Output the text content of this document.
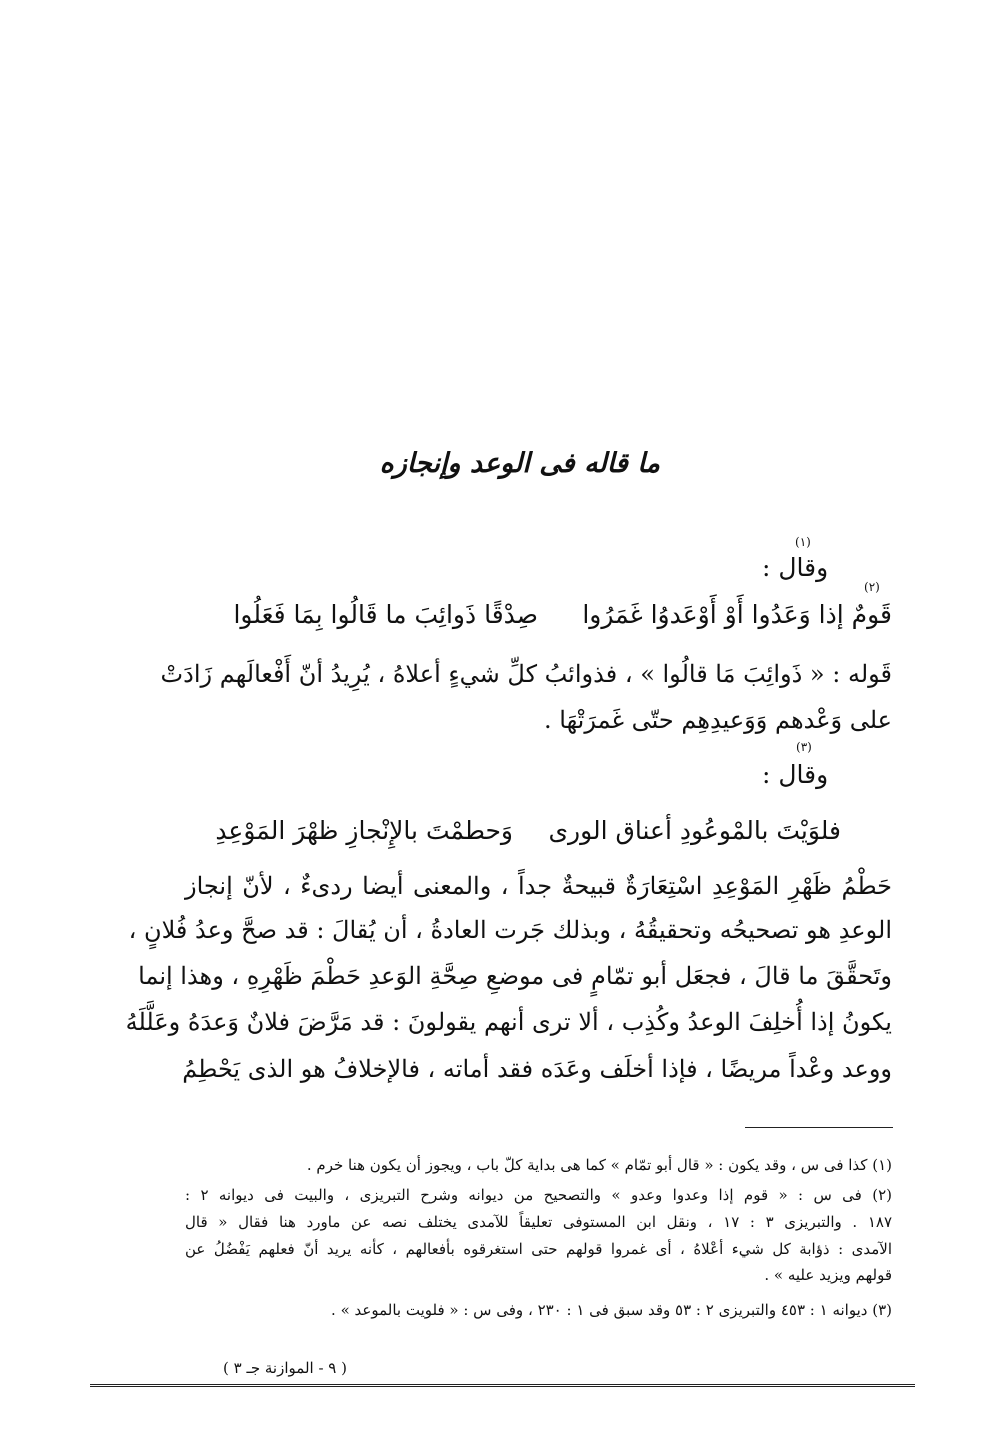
ما قاله فى الوعد وإنجازه
(١)
وقال :
(٢)
قَومٌ إذا وَعَدُوا أَوْ أَوْعَدوُا غَمَرُوا
صِدْقًا ذَوائِبَ ما قَالُوا بِمَا فَعَلُوا
قَوله : « ذَوائِبَ مَا قالُوا » ، فذوائبُ كلِّ شيءٍ أعلاهُ ، يُرِيدُ أنّ أَفْعالَهم زَادَتْ
على وَعْدهم وَوَعيدِهِم حتّى غَمرَتْهَا .
(٣)
وقال :
فلوَيْتَ بالمْوعُودِ أعناق الورى
وَحطمْتَ بالإِنْجازِ ظهْرَ المَوْعِدِ
حَطْمُ ظَهْرِ المَوْعِدِ اسْتِعَارَةٌ قبيحةٌ جداً ، والمعنى أيضا ردىءٌ ، لأنّ إنجاز
الوعدِ هو تصحيحُه وتحقيقُهُ ، وبذلك جَرت العادةُ ، أن يُقالَ : قد صحَّ وعدُ فُلانٍ ،
وتَحقَّقَ ما قالَ ، فجعَل أبو تمّامٍ فى موضعِ صِحَّةِ الوَعدِ حَطْمَ ظَهْرِهِ ، وهذا إنما
يكونُ إذا أُخلِفَ الوعدُ وكُذِب ، ألا ترى أنهم يقولونَ : قد مَرَّضَ فلانٌ وَعدَهُ وعَلَّلَهُ
ووعد وعْداً مريضًا ، فإذا أخلَف وعَدَه فقد أماته ، فالإخلافُ هو الذى يَحْطِمُ
(١) كذا فى س ، وقد يكون : « قال أبو تمّام » كما هى بداية كلّ باب ، ويجوز أن يكون هنا خرم .
(٢) فى س : « قوم إذا وعدوا وعدو » والتصحيح من ديوانه وشرح التبريزى ، والبيت فى ديوانه ٢ :
١٨٧ . والتبريزى ٣ : ١٧ ، ونقل ابن المستوفى تعليقاً للآمدى يختلف نصه عن ماورد هنا فقال « قال
الآمدى : ذؤابة كل شيء أعْلاهُ ، أى غمروا قولهم حتى استغرقوه بأفعالهم ، كأنه يريد أنّ فعلهم يَفْضُلُ عن
قولهم ويزيد عليه » .
(٣) ديوانه ١ : ٤٥٣ والتبريزى ٢ : ٥٣ وقد سبق فى ١ : ٢٣٠ ، وفى س : « فلويت بالموعد » .
( ٩ - الموازنة جـ ٣ )
